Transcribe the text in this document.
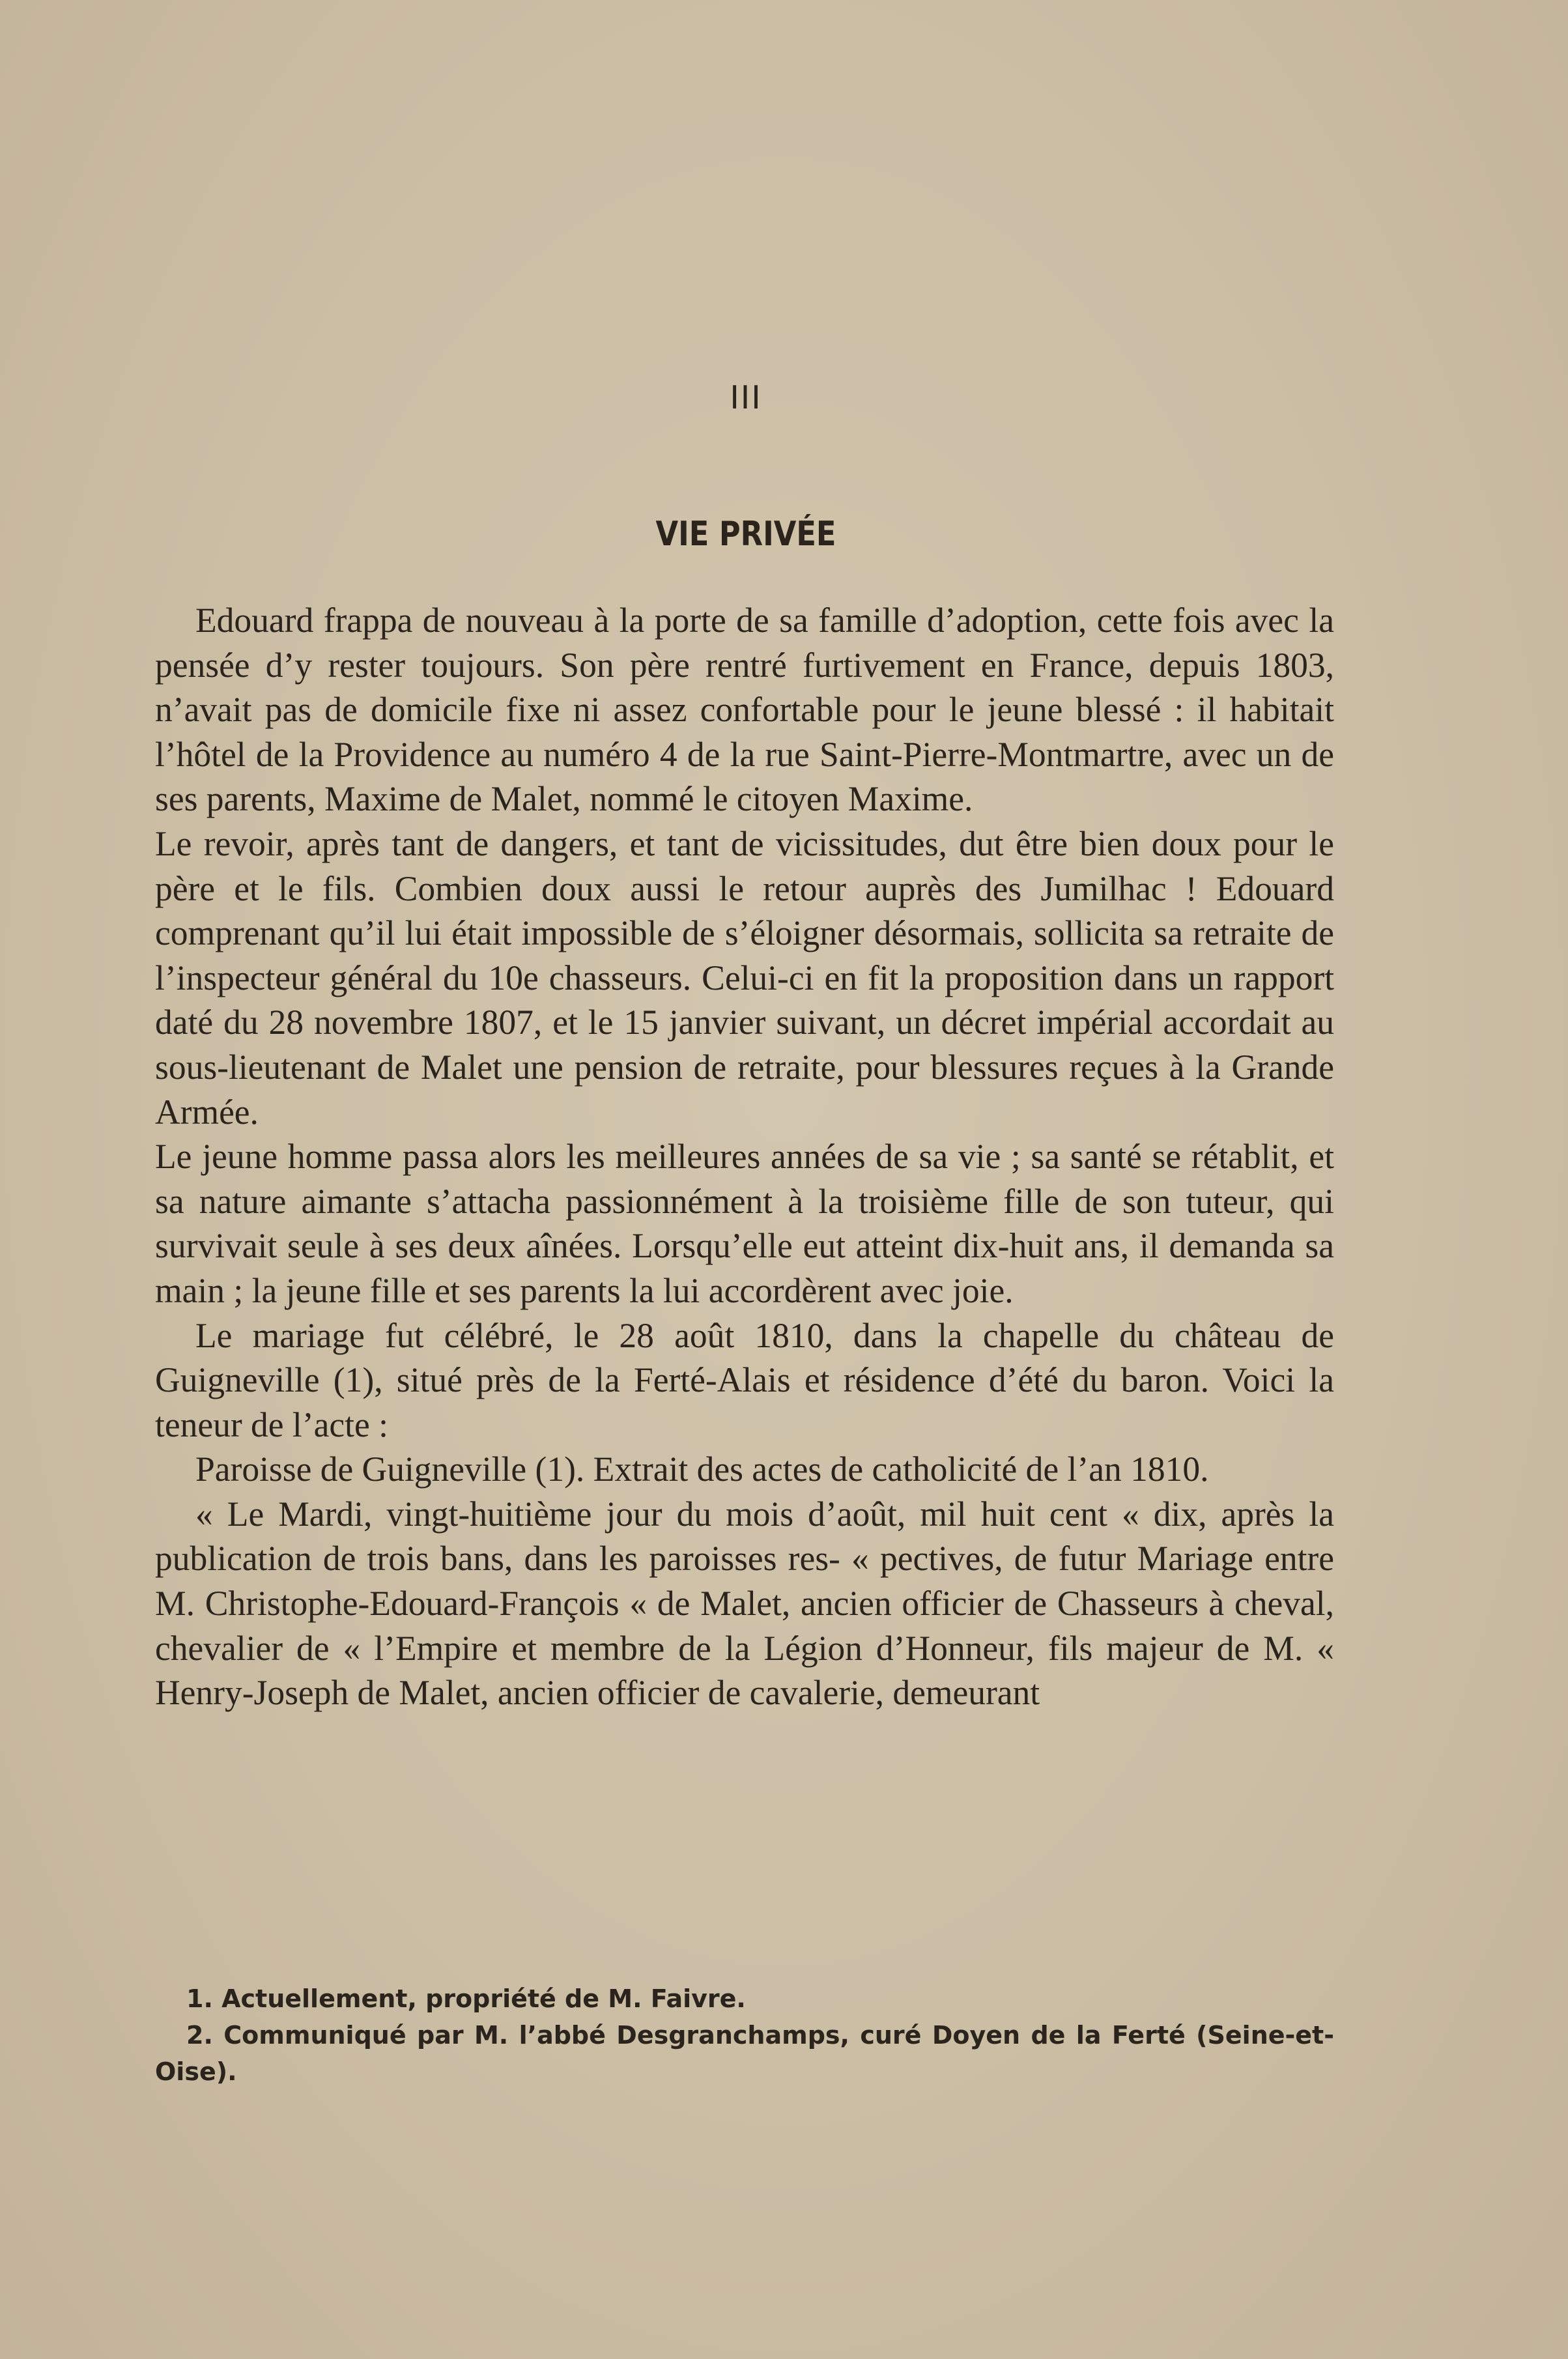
III
VIE PRIVÉE

Edouard frappa de nouveau à la porte de sa famille d’adoption, cette fois avec la pensée d’y rester toujours. Son père rentré furtivement en France, depuis 1803, n’avait pas de domicile fixe ni assez confortable pour le jeune blessé : il habitait l’hôtel de la Providence au numéro 4 de la rue Saint-Pierre-Montmartre, avec un de ses parents, Maxime de Malet, nommé le citoyen Maxime.

Le revoir, après tant de dangers, et tant de vicissitudes, dut être bien doux pour le père et le fils. Combien doux aussi le retour auprès des Jumilhac ! Edouard comprenant qu’il lui était impossible de s’éloigner désormais, sollicita sa retraite de l’inspecteur général du 10e chasseurs. Celui-ci en fit la proposition dans un rapport daté du 28 novembre 1807, et le 15 janvier suivant, un décret impérial accordait au sous-lieutenant de Malet une pension de retraite, pour blessures reçues à la Grande Armée.

Le jeune homme passa alors les meilleures années de sa vie ; sa santé se rétablit, et sa nature aimante s’attacha passionnément à la troisième fille de son tuteur, qui survivait seule à ses deux aînées. Lorsqu’elle eut atteint dix-huit ans, il demanda sa main ; la jeune fille et ses parents la lui accordèrent avec joie.

Le mariage fut célébré, le 28 août 1810, dans la chapelle du château de Guigneville (1), situé près de la Ferté-Alais et résidence d’été du baron. Voici la teneur de l’acte :

Paroisse de Guigneville (1). Extrait des actes de catholicité de l’an 1810.

« Le Mardi, vingt-huitième jour du mois d’août, mil huit cent « dix, après la publication de trois bans, dans les paroisses res- « pectives, de futur Mariage entre M. Christophe-Edouard-François « de Malet, ancien officier de Chasseurs à cheval, chevalier de « l’Empire et membre de la Légion d’Honneur, fils majeur de M. « Henry-Joseph de Malet, ancien officier de cavalerie, demeurant

1. Actuellement, propriété de M. Faivre.

2. Communiqué par M. l’abbé Desgranchamps, curé Doyen de la Ferté (Seine-et-Oise).
